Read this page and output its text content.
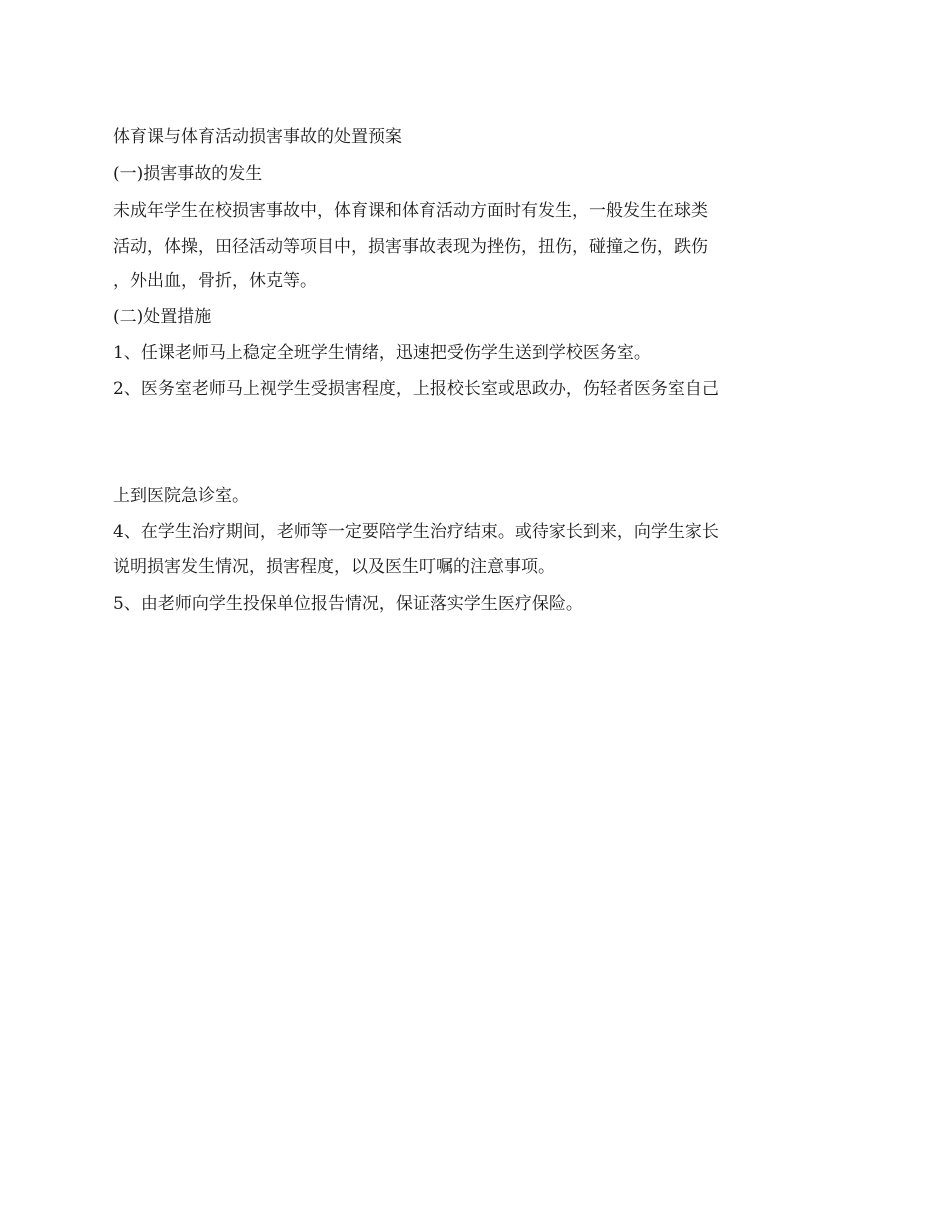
体育课与体育活动损害事故的处置预案
(一)损害事故的发生
未成年学生在校损害事故中，体育课和体育活动方面时有发生，一般发生在球类
活动，体操，田径活动等项目中，损害事故表现为挫伤，扭伤，碰撞之伤，跌伤
，外出血，骨折，休克等。
(二)处置措施
1、任课老师马上稳定全班学生情绪，迅速把受伤学生送到学校医务室。
2、医务室老师马上视学生受损害程度，上报校长室或思政办，伤轻者医务室自己
上到医院急诊室。
4、在学生治疗期间，老师等一定要陪学生治疗结束。或待家长到来，向学生家长
说明损害发生情况，损害程度，以及医生叮嘱的注意事项。
5、由老师向学生投保单位报告情况，保证落实学生医疗保险。
